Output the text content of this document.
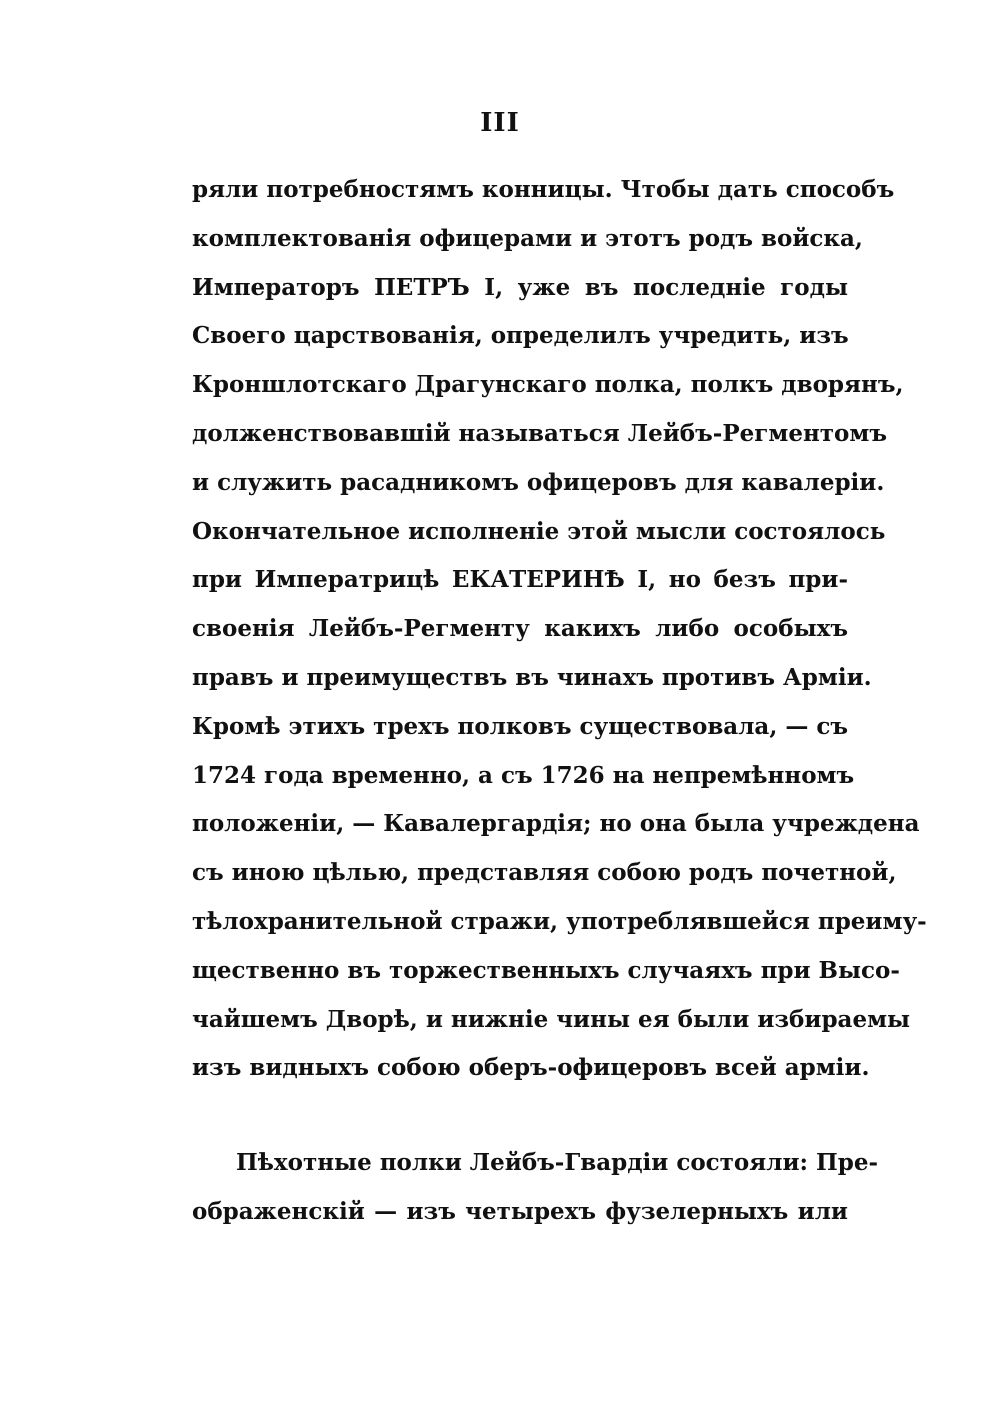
III
ряли потребностямъ конницы. Чтобы дать способъ
комплектованія офицерами и этотъ родъ войска,
Императоръ ПЕТРЪ I, уже въ последніе годы
Своего царствованія, определилъ учредить, изъ
Кроншлотскаго Драгунскаго полка, полкъ дворянъ,
долженствовавшій называться Лейбъ-Регментомъ
и служить расадникомъ офицеровъ для кавалеріи.
Окончательное исполненіе этой мысли состоялось
при Императрицѣ ЕКАТЕРИНѢ I, но безъ при-
своенія Лейбъ-Регменту какихъ либо особыхъ
правъ и преимуществъ въ чинахъ противъ Арміи.
Кромѣ этихъ трехъ полковъ существовала, — съ
1724 года временно, а съ 1726 на непремѣнномъ
положеніи, — Кавалергардія; но она была учреждена
съ иною цѣлью, представляя собою родъ почетной,
тѣлохранительной стражи, употреблявшейся преиму-
щественно въ торжественныхъ случаяхъ при Высо-
чайшемъ Дворѣ, и нижніе чины ея были избираемы
изъ видныхъ собою оберъ-офицеровъ всей арміи.
Пѣхотные полки Лейбъ-Гвардіи состояли: Пре-
ображенскій — изъ четырехъ фузелерныхъ или
